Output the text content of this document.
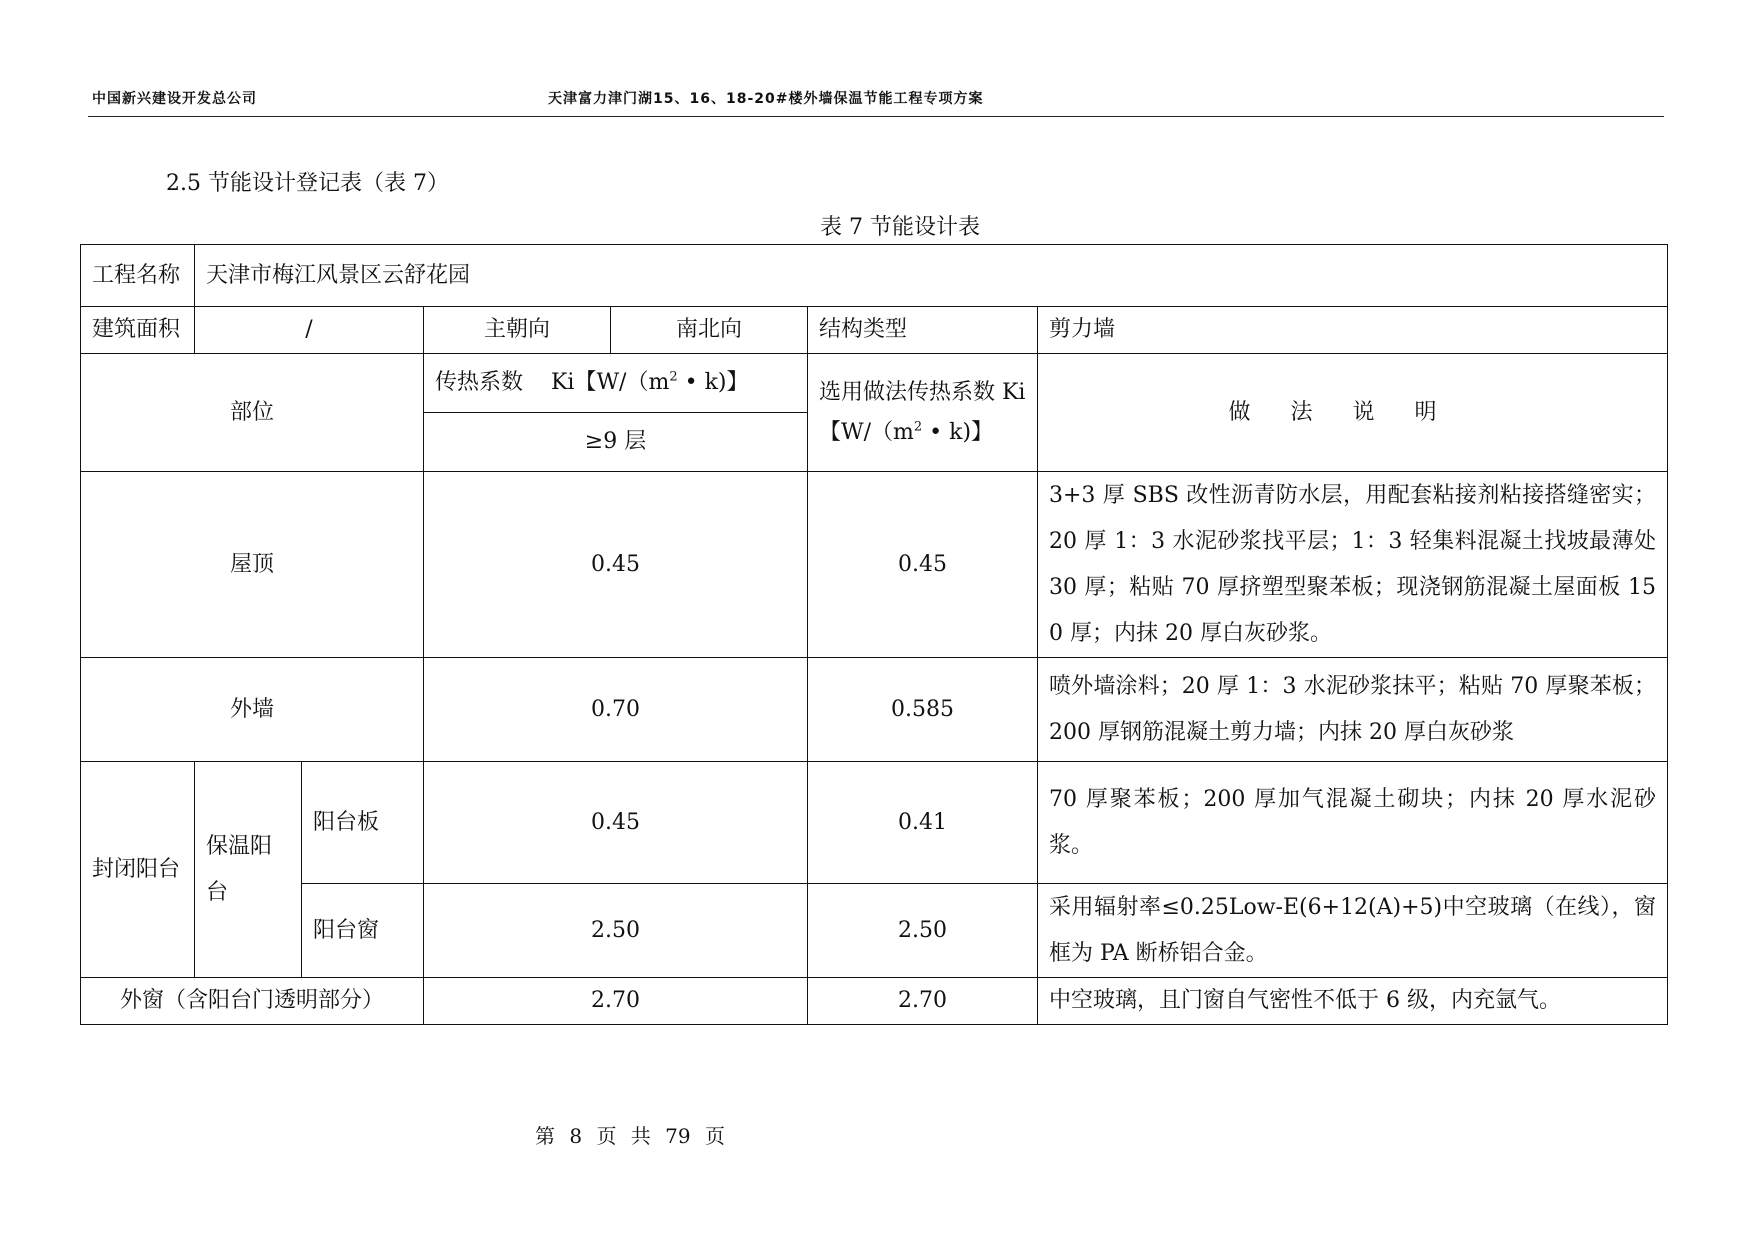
中国新兴建设开发总公司	天津富力津门湖15、16、18-20#楼外墙保温节能工程专项方案
2.5 节能设计登记表（表 7）
表 7 节能设计表
工程名称	天津市梅江风景区云舒花园					
建筑面积	/		主朝向	南北向	结构类型	剪力墙
部位			传热系数    Ki【$W/(m^2$ • k)】		选用做法传热系数 Ki【$W/(m^2$ • k)】	做法说明
			≥9 层			
屋顶			0.45		0.45	3+3 厚 SBS 改性沥青防水层，用配套粘接剂粘接搭缝密实；20 厚 1：3 水泥砂浆找平层；1：3 轻集料混凝土找坡最薄处 30 厚；粘贴 70 厚挤塑型聚苯板；现浇钢筋混凝土屋面板 150 厚；内抹 20 厚白灰砂浆。
外墙			0.70		0.585	喷外墙涂料；20 厚 1：3 水泥砂浆抹平；粘贴 70 厚聚苯板；200 厚钢筋混凝土剪力墙；内抹 20 厚白灰砂浆
封闭阳台	保温阳台	阳台板	0.45		0.41	70 厚聚苯板；200 厚加气混凝土砌块；内抹 20 厚水泥砂浆。
		阳台窗	2.50		2.50	采用辐射率≤0.25Low-E(6+12(A)+5)中空玻璃（在线），窗框为 PA 断桥铝合金。
外窗（含阳台门透明部分）			2.70		2.70	中空玻璃，且门窗自气密性不低于 6 级，内充氩气。
第 8 页 共 79 页
